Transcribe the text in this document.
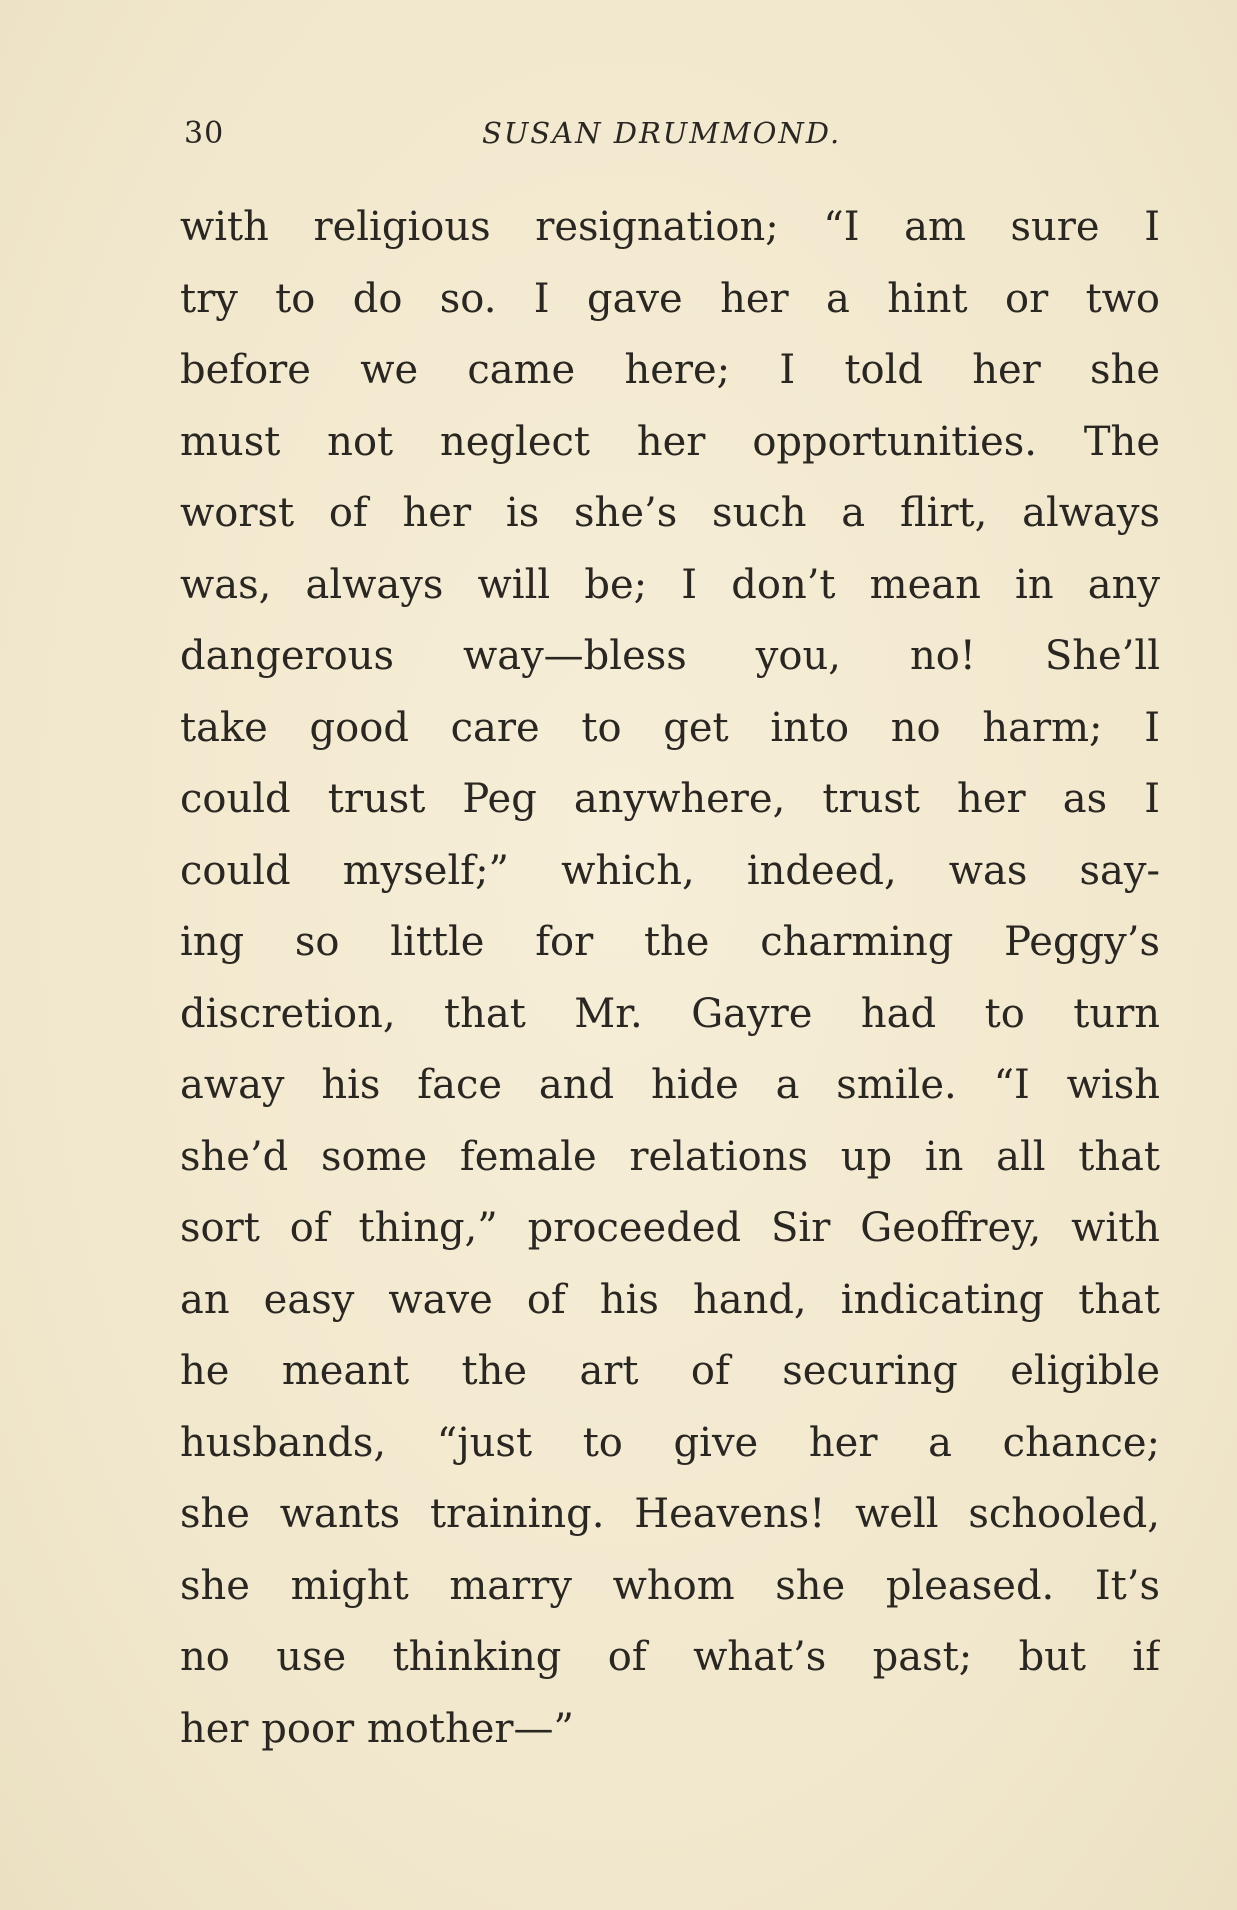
30	SUSAN DRUMMOND.
with religious resignation; “I am sure I
try to do so. I gave her a hint or two
before we came here; I told her she
must not neglect her opportunities. The
worst of her is she’s such a flirt, always
was, always will be; I don’t mean in any
dangerous way—bless you, no! She’ll
take good care to get into no harm; I
could trust Peg anywhere, trust her as I
could myself;” which, indeed, was say-
ing so little for the charming Peggy’s
discretion, that Mr. Gayre had to turn
away his face and hide a smile. “I wish
she’d some female relations up in all that
sort of thing,” proceeded Sir Geoffrey, with
an easy wave of his hand, indicating that
he meant the art of securing eligible
husbands, “just to give her a chance;
she wants training. Heavens! well schooled,
she might marry whom she pleased. It’s
no use thinking of what’s past; but if
her poor mother—”
